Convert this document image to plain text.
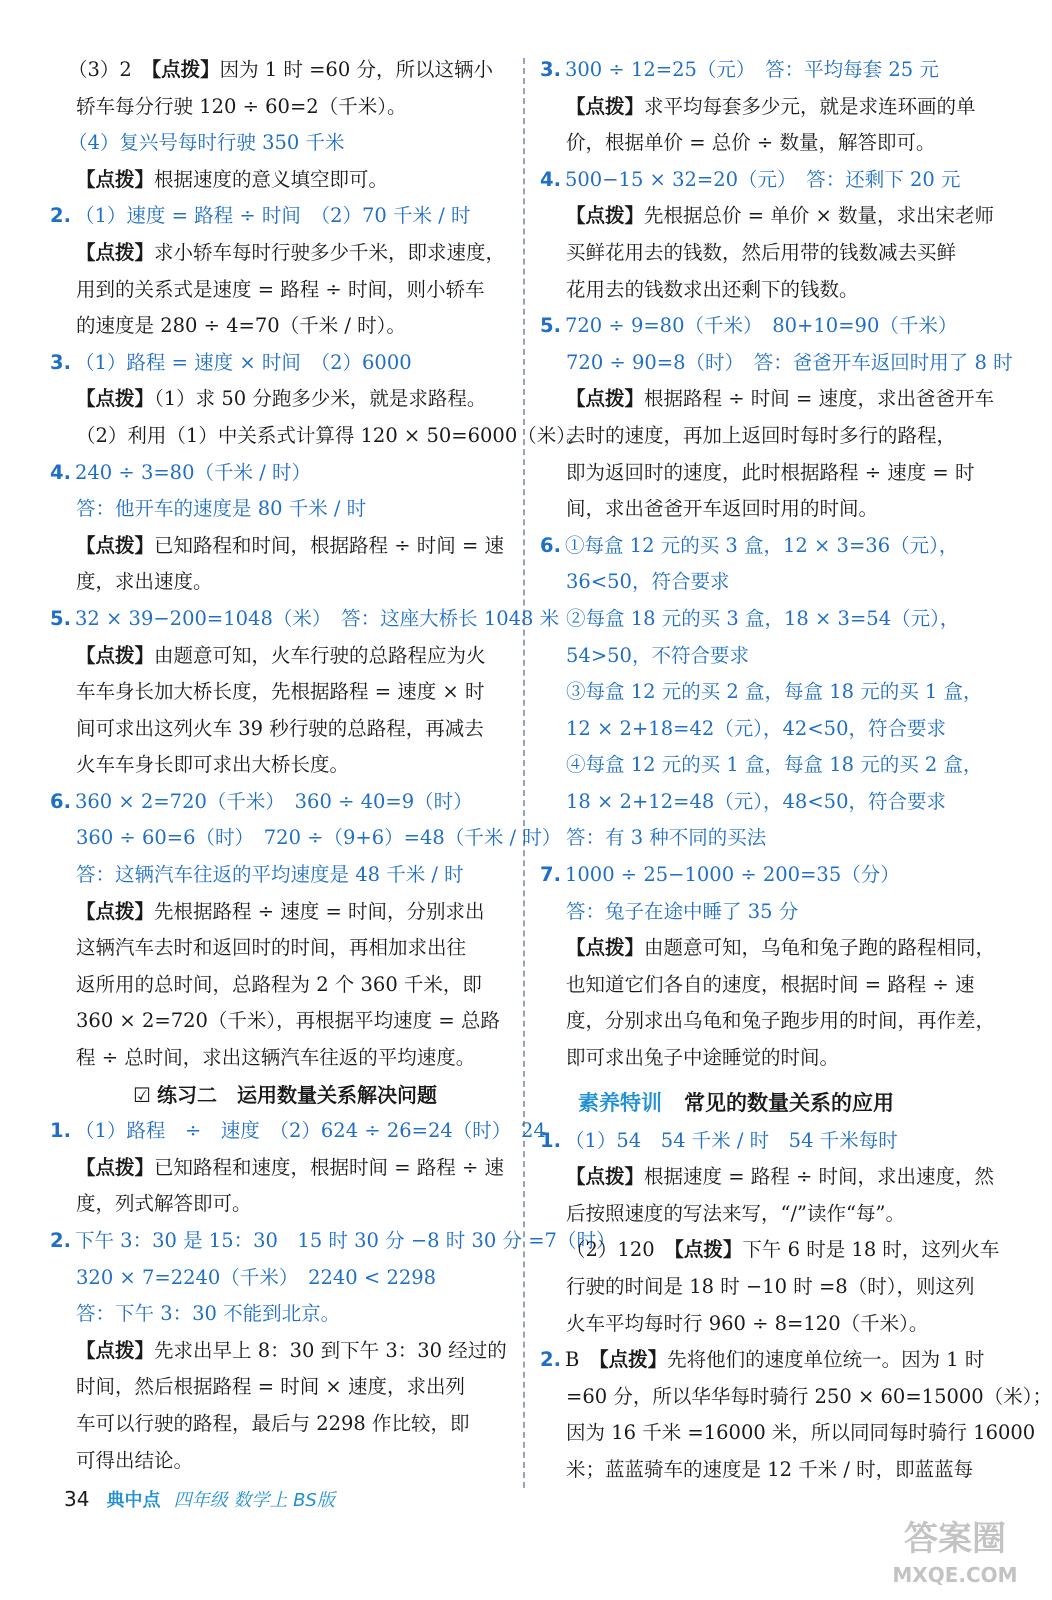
（3）2　【点拨】因为 1 时 =60 分，所以这辆小
轿车每分行驶 120 ÷ 60=2（千米）。
（4）复兴号每时行驶 350 千米
【点拨】根据速度的意义填空即可。
2. （1）速度 = 路程 ÷ 时间　（2）70 千米 / 时
【点拨】求小轿车每时行驶多少千米，即求速度，
用到的关系式是速度 = 路程 ÷ 时间，则小轿车
的速度是 280 ÷ 4=70（千米 / 时）。
3. （1）路程 = 速度 × 时间　（2）6000
【点拨】（1）求 50 分跑多少米，就是求路程。
（2）利用（1）中关系式计算得 120 × 50=6000（米）。
4. 240 ÷ 3=80（千米 / 时）
答：他开车的速度是 80 千米 / 时
【点拨】已知路程和时间，根据路程 ÷ 时间 = 速
度，求出速度。
5. 32 × 39−200=1048（米）　答：这座大桥长 1048 米
【点拨】由题意可知，火车行驶的总路程应为火
车车身长加大桥长度，先根据路程 = 速度 × 时
间可求出这列火车 39 秒行驶的总路程，再减去
火车车身长即可求出大桥长度。
6. 360 × 2=720（千米）　360 ÷ 40=9（时）
360 ÷ 60=6（时）　720 ÷（9+6）=48（千米 / 时）
答：这辆汽车往返的平均速度是 48 千米 / 时
【点拨】先根据路程 ÷ 速度 = 时间，分别求出
这辆汽车去时和返回时的时间，再相加求出往
返所用的总时间，总路程为 2 个 360 千米，即
360 × 2=720（千米），再根据平均速度 = 总路
程 ÷ 总时间，求出这辆汽车往返的平均速度。
☑ 练习二　运用数量关系解决问题
1. （1）路程　÷　速度　（2）624 ÷ 26=24（时）　24
【点拨】已知路程和速度，根据时间 = 路程 ÷ 速
度，列式解答即可。
2. 下午 3：30 是 15：30　15 时 30 分 −8 时 30 分 =7（时）
320 × 7=2240（千米）　2240 < 2298
答：下午 3：30 不能到北京。
【点拨】先求出早上 8：30 到下午 3：30 经过的
时间，然后根据路程 = 时间 × 速度，求出列
车可以行驶的路程，最后与 2298 作比较，即
可得出结论。
3. 300 ÷ 12=25（元）　答：平均每套 25 元
【点拨】求平均每套多少元，就是求连环画的单
价，根据单价 = 总价 ÷ 数量，解答即可。
4. 500−15 × 32=20（元）　答：还剩下 20 元
【点拨】先根据总价 = 单价 × 数量，求出宋老师
买鲜花用去的钱数，然后用带的钱数减去买鲜
花用去的钱数求出还剩下的钱数。
5. 720 ÷ 9=80（千米）　80+10=90（千米）
720 ÷ 90=8（时）　答：爸爸开车返回时用了 8 时
【点拨】根据路程 ÷ 时间 = 速度，求出爸爸开车
去时的速度，再加上返回时每时多行的路程，
即为返回时的速度，此时根据路程 ÷ 速度 = 时
间，求出爸爸开车返回时用的时间。
6. ①每盒 12 元的买 3 盒，12 × 3=36（元），
36<50，符合要求
②每盒 18 元的买 3 盒，18 × 3=54（元），
54>50，不符合要求
③每盒 12 元的买 2 盒，每盒 18 元的买 1 盒，
12 × 2+18=42（元），42<50，符合要求
④每盒 12 元的买 1 盒，每盒 18 元的买 2 盒，
18 × 2+12=48（元），48<50，符合要求
答：有 3 种不同的买法
7. 1000 ÷ 25−1000 ÷ 200=35（分）
答：兔子在途中睡了 35 分
【点拨】由题意可知，乌龟和兔子跑的路程相同，
也知道它们各自的速度，根据时间 = 路程 ÷ 速
度，分别求出乌龟和兔子跑步用的时间，再作差，
即可求出兔子中途睡觉的时间。
素养特训 常见的数量关系的应用
1. （1）54　54 千米 / 时　54 千米每时
【点拨】根据速度 = 路程 ÷ 时间，求出速度，然
后按照速度的写法来写，“/”读作“每”。
（2）120　【点拨】下午 6 时是 18 时，这列火车
行驶的时间是 18 时 −10 时 =8（时），则这列
火车平均每时行 960 ÷ 8=120（千米）。
2. B　【点拨】先将他们的速度单位统一。因为 1 时
=60 分，所以华华每时骑行 250 × 60=15000（米）；
因为 16 千米 =16000 米，所以同同每时骑行 16000
米；蓝蓝骑车的速度是 12 千米 / 时，即蓝蓝每
34 典中点 四年级 数学上 BS版
答案圈
MXQE.COM
